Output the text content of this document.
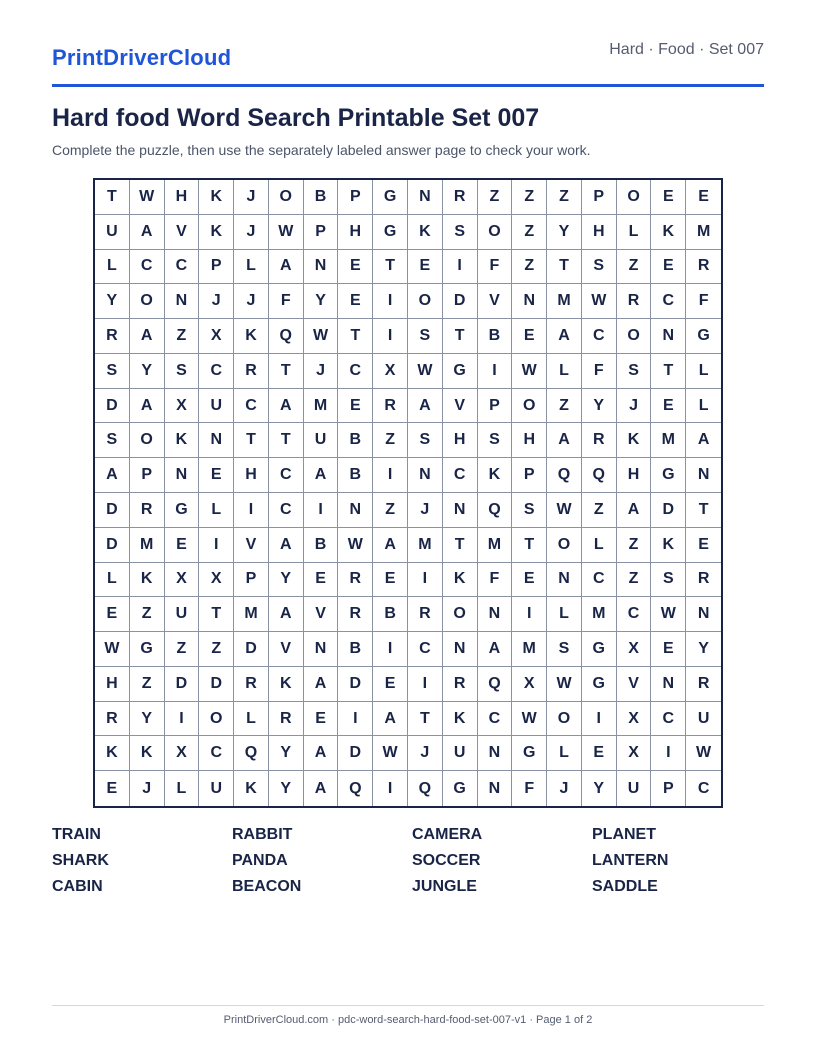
PrintDriverCloud	Hard · Food · Set 007
Hard food Word Search Printable Set 007

Complete the puzzle, then use the separately labeled answer page to check your work.

T	W	H	K	J	O	B	P	G	N	R	Z	Z	Z	P	O	E	E
U	A	V	K	J	W	P	H	G	K	S	O	Z	Y	H	L	K	M
L	C	C	P	L	A	N	E	T	E	I	F	Z	T	S	Z	E	R
Y	O	N	J	J	F	Y	E	I	O	D	V	N	M	W	R	C	F
R	A	Z	X	K	Q	W	T	I	S	T	B	E	A	C	O	N	G
S	Y	S	C	R	T	J	C	X	W	G	I	W	L	F	S	T	L
D	A	X	U	C	A	M	E	R	A	V	P	O	Z	Y	J	E	L
S	O	K	N	T	T	U	B	Z	S	H	S	H	A	R	K	M	A
A	P	N	E	H	C	A	B	I	N	C	K	P	Q	Q	H	G	N
D	R	G	L	I	C	I	N	Z	J	N	Q	S	W	Z	A	D	T
D	M	E	I	V	A	B	W	A	M	T	M	T	O	L	Z	K	E
L	K	X	X	P	Y	E	R	E	I	K	F	E	N	C	Z	S	R
E	Z	U	T	M	A	V	R	B	R	O	N	I	L	M	C	W	N
W	G	Z	Z	D	V	N	B	I	C	N	A	M	S	G	X	E	Y
H	Z	D	D	R	K	A	D	E	I	R	Q	X	W	G	V	N	R
R	Y	I	O	L	R	E	I	A	T	K	C	W	O	I	X	C	U
K	K	X	C	Q	Y	A	D	W	J	U	N	G	L	E	X	I	W
E	J	L	U	K	Y	A	Q	I	Q	G	N	F	J	Y	U	P	C
TRAIN	RABBIT	CAMERA	PLANET
SHARK	PANDA	SOCCER	LANTERN
CABIN	BEACON	JUNGLE	SADDLE
PrintDriverCloud.com · pdc-word-search-hard-food-set-007-v1 · Page 1 of 2
